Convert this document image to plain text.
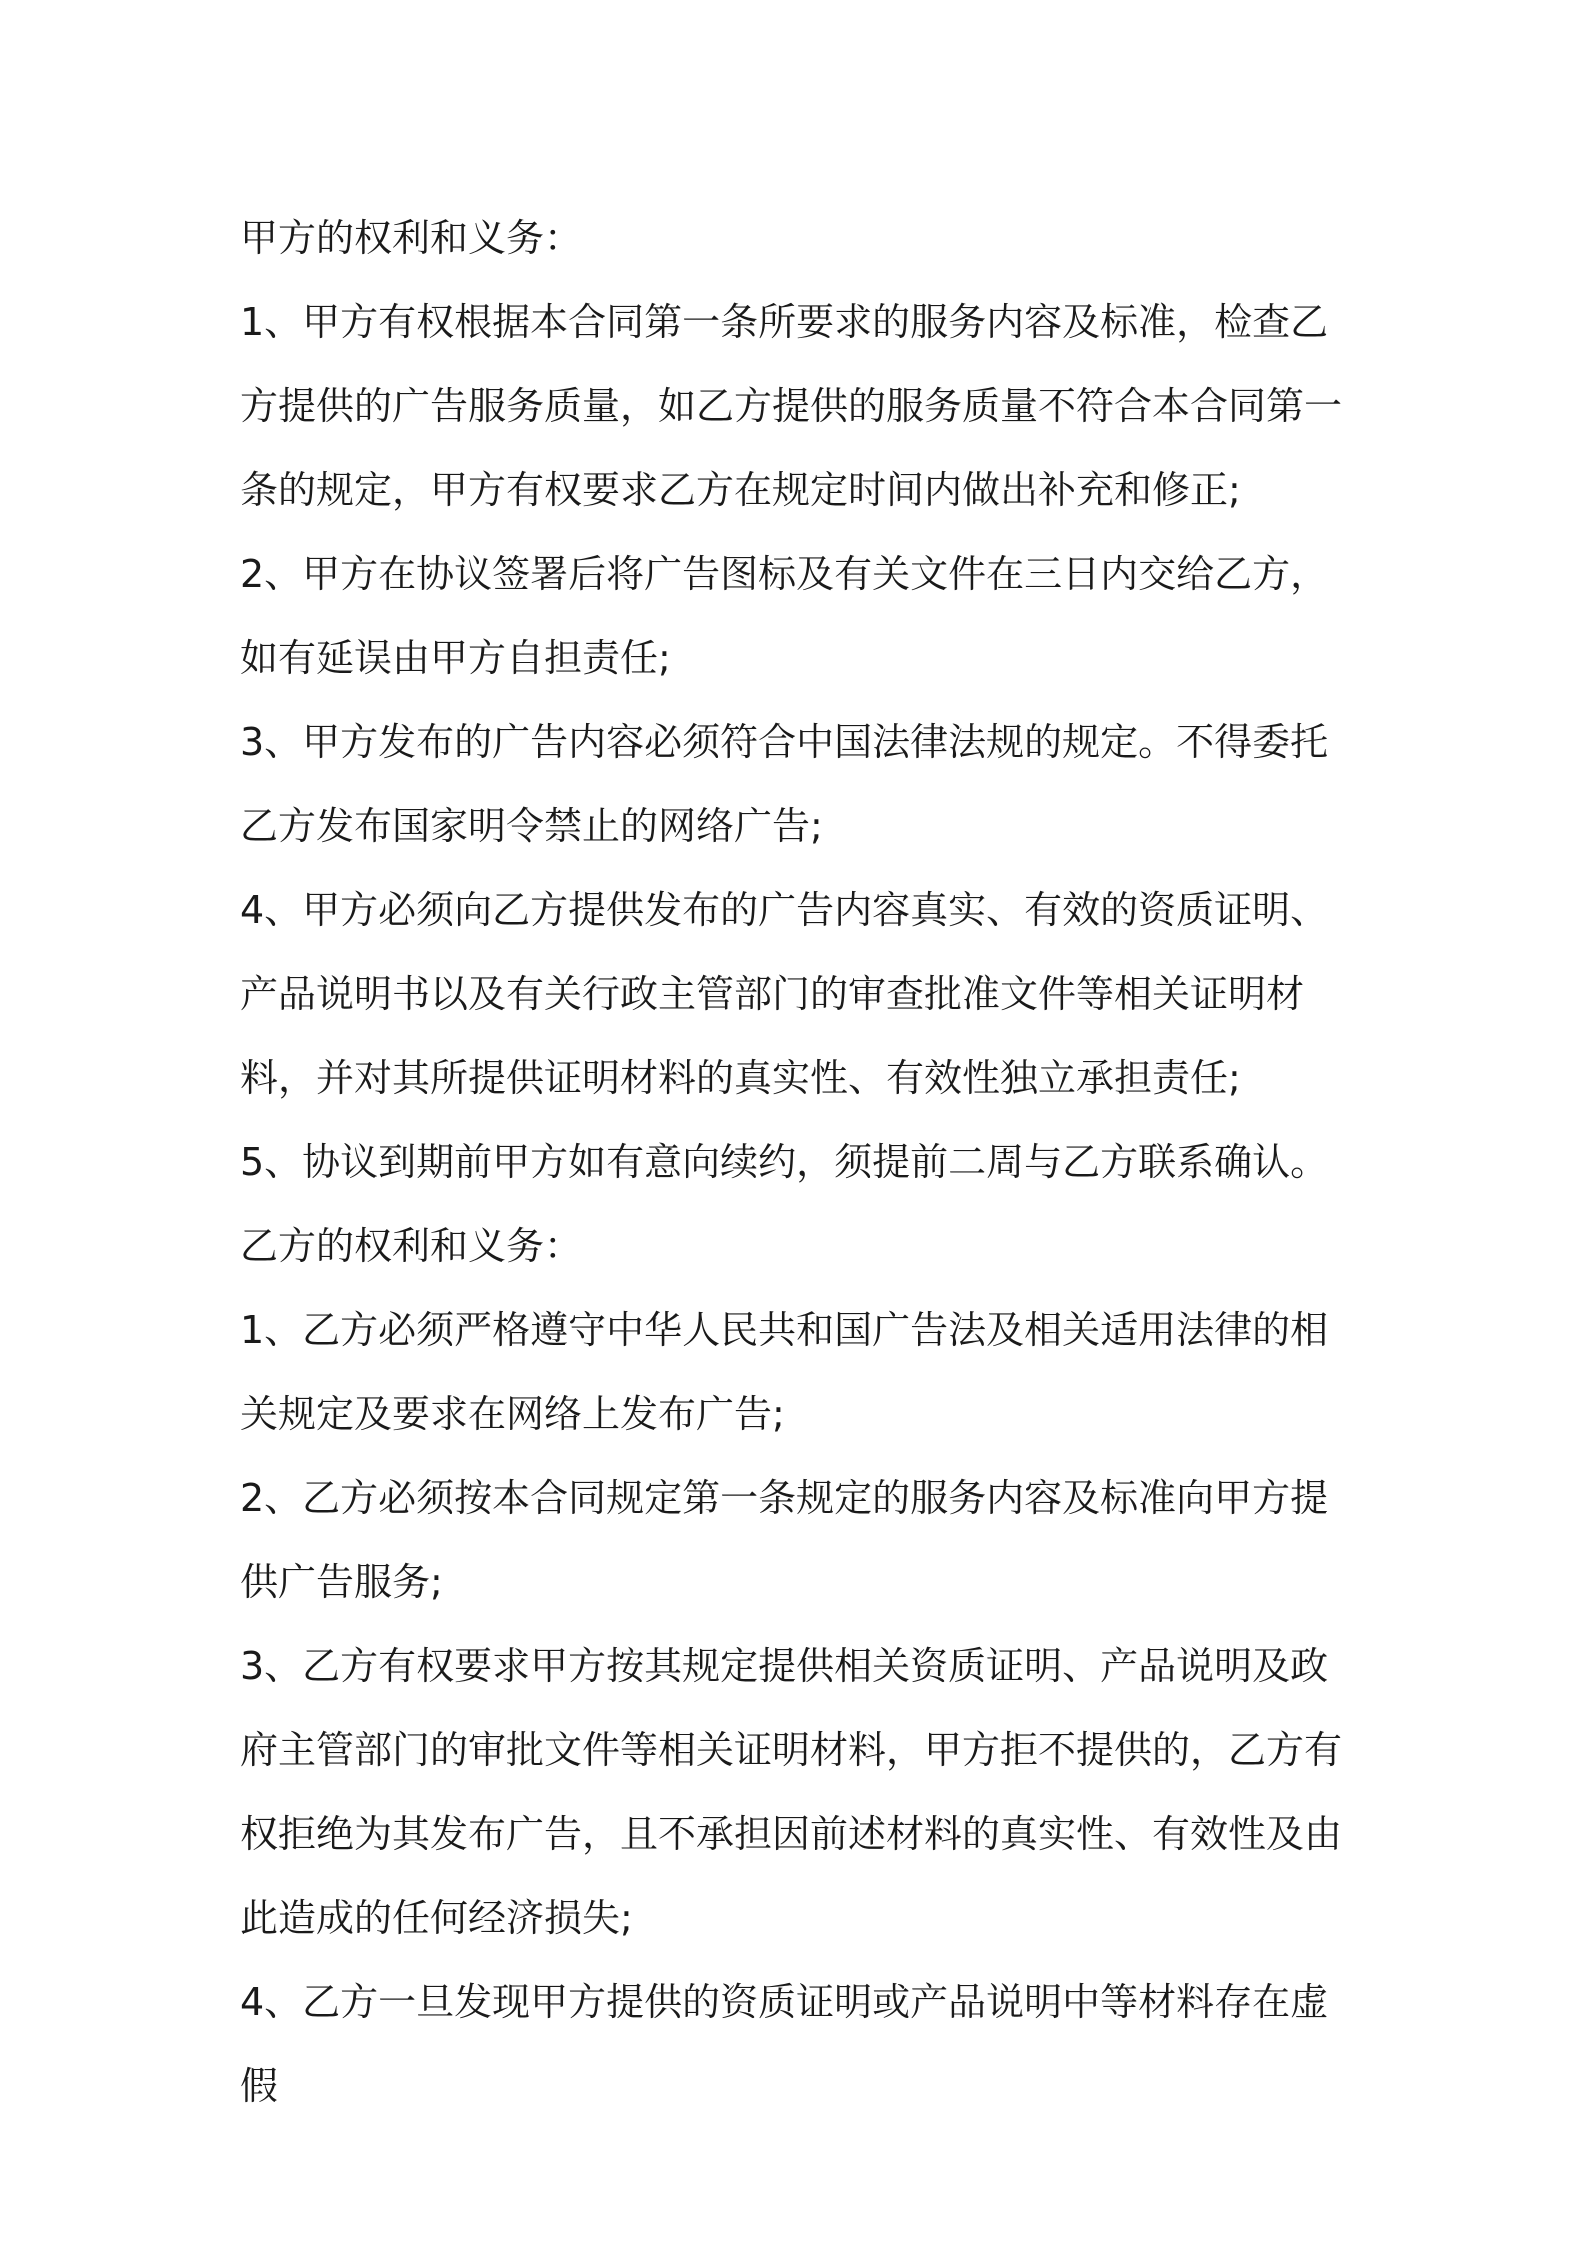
甲方的权利和义务：

1、甲方有权根据本合同第一条所要求的服务内容及标准，检查乙方提供的广告服务质量，如乙方提供的服务质量不符合本合同第一条的规定，甲方有权要求乙方在规定时间内做出补充和修正;

2、甲方在协议签署后将广告图标及有关文件在三日内交给乙方，如有延误由甲方自担责任;

3、甲方发布的广告内容必须符合中国法律法规的规定。不得委托乙方发布国家明令禁止的网络广告;

4、甲方必须向乙方提供发布的广告内容真实、有效的资质证明、产品说明书以及有关行政主管部门的审查批准文件等相关证明材料，并对其所提供证明材料的真实性、有效性独立承担责任;

5、协议到期前甲方如有意向续约，须提前二周与乙方联系确认。

乙方的权利和义务：

1、乙方必须严格遵守中华人民共和国广告法及相关适用法律的相关规定及要求在网络上发布广告;

2、乙方必须按本合同规定第一条规定的服务内容及标准向甲方提供广告服务;

3、乙方有权要求甲方按其规定提供相关资质证明、产品说明及政府主管部门的审批文件等相关证明材料，甲方拒不提供的，乙方有权拒绝为其发布广告，且不承担因前述材料的真实性、有效性及由此造成的任何经济损失;

4、乙方一旦发现甲方提供的资质证明或产品说明中等材料存在虚假
